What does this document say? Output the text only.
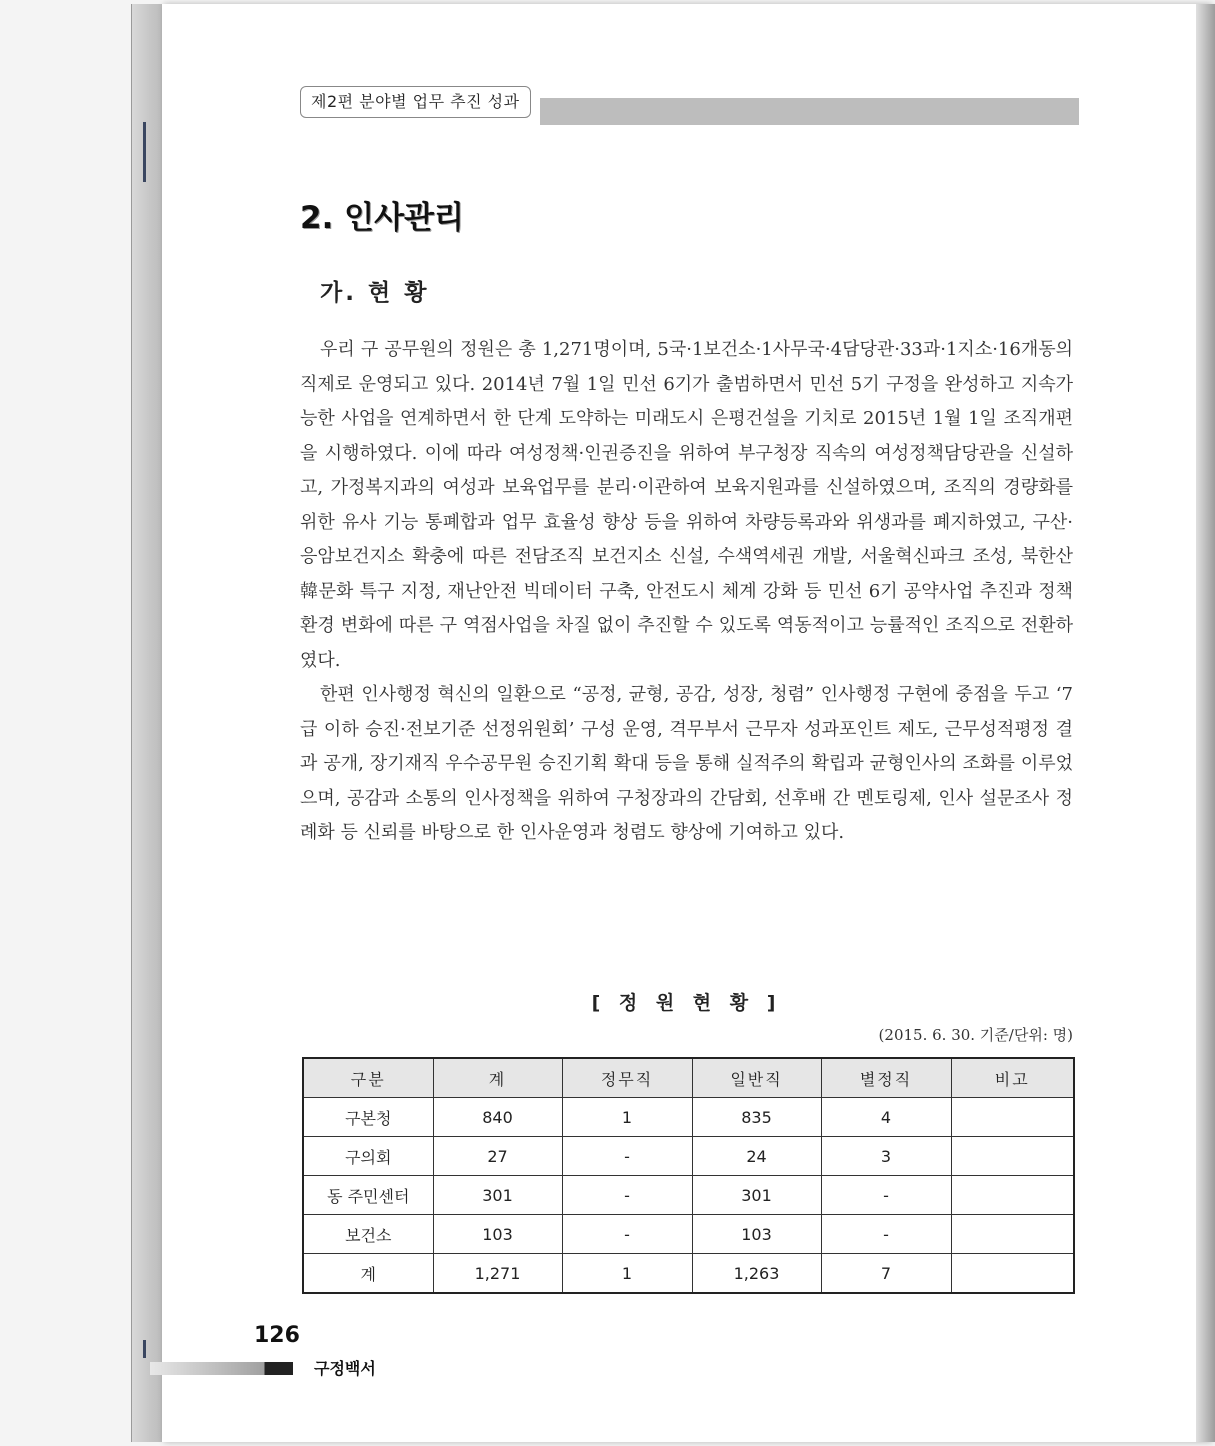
제2편 분야별 업무 추진 성과
2. 인사관리
가. 현 황

우리 구 공무원의 정원은 총 1,271명이며, 5국·1보건소·1사무국·4담당관·33과·1지소·16개동의 직제로 운영되고 있다. 2014년 7월 1일 민선 6기가 출범하면서 민선 5기 구정을 완성하고 지속가능한 사업을 연계하면서 한 단계 도약하는 미래도시 은평건설을 기치로 2015년 1월 1일 조직개편을 시행하였다. 이에 따라 여성정책·인권증진을 위하여 부구청장 직속의 여성정책담당관을 신설하고, 가정복지과의 여성과 보육업무를 분리·이관하여 보육지원과를 신설하였으며, 조직의 경량화를 위한 유사 기능 통폐합과 업무 효율성 향상 등을 위하여 차량등록과와 위생과를 폐지하였고, 구산·응암보건지소 확충에 따른 전담조직 보건지소 신설, 수색역세권 개발, 서울혁신파크 조성, 북한산 韓문화 특구 지정, 재난안전 빅데이터 구축, 안전도시 체계 강화 등 민선 6기 공약사업 추진과 정책환경 변화에 따른 구 역점사업을 차질 없이 추진할 수 있도록 역동적이고 능률적인 조직으로 전환하였다.

한편 인사행정 혁신의 일환으로 “공정, 균형, 공감, 성장, 청렴” 인사행정 구현에 중점을 두고 ‘7급 이하 승진·전보기준 선정위원회’ 구성 운영, 격무부서 근무자 성과포인트 제도, 근무성적평정 결과 공개, 장기재직 우수공무원 승진기획 확대 등을 통해 실적주의 확립과 균형인사의 조화를 이루었으며, 공감과 소통의 인사정책을 위하여 구청장과의 간담회, 선후배 간 멘토링제, 인사 설문조사 정례화 등 신뢰를 바탕으로 한 인사운영과 청렴도 향상에 기여하고 있다.

[ 정 원 현 황 ]
(2015. 6. 30. 기준/단위: 명)
구분	계	정무직	일반직	별정직	비고
구본청	840	1	835	4	
구의회	27	-	24	3	
동 주민센터	301	-	301	-	
보건소	103	-	103	-	
계	1,271	1	1,263	7	
126
구정백서
